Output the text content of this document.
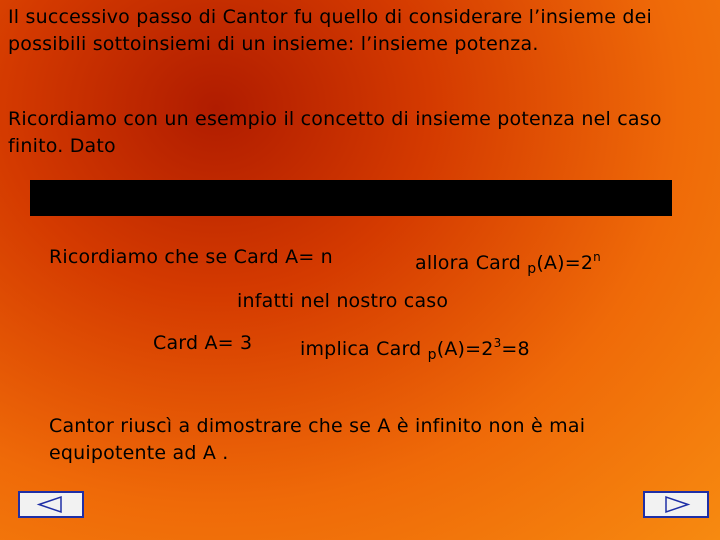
Il successivo passo di Cantor fu quello di considerare l’insieme dei possibili sottoinsiemi di un insieme: l’insieme potenza.
Ricordiamo con un esempio il concetto di insieme potenza nel caso finito. Dato
Ricordiamo che se Card A= n	allora Card $_p(A)=2^n$
infatti nel nostro caso
Card A= 3	implica Card $_p(A)=2^3=8$
Cantor riuscì a dimostrare che se A è infinito non è mai equipotente ad A .
